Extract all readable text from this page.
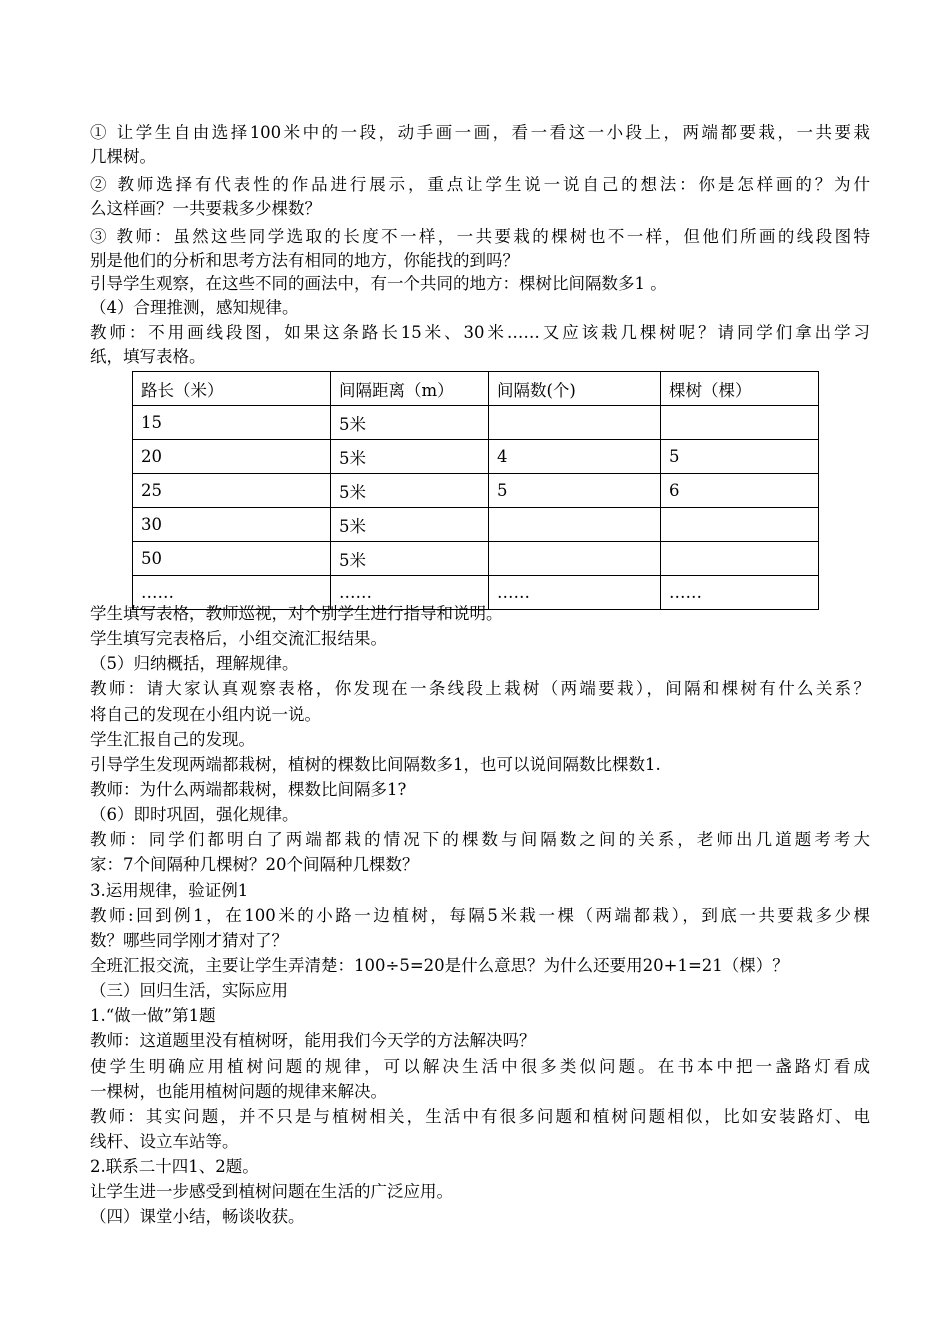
① 让学生自由选择100米中的一段，动手画一画，看一看这一小段上，两端都要栽，一共要栽
几棵树。
② 教师选择有代表性的作品进行展示，重点让学生说一说自己的想法：你是怎样画的？为什
么这样画？一共要栽多少棵数？
③ 教师：虽然这些同学选取的长度不一样，一共要栽的棵树也不一样，但他们所画的线段图特
别是他们的分析和思考方法有相同的地方，你能找的到吗？
引导学生观察，在这些不同的画法中，有一个共同的地方：棵树比间隔数多1 。
（4）合理推测，感知规律。
教师：不用画线段图，如果这条路长15米、30米……又应该栽几棵树呢？请同学们拿出学习
纸，填写表格。
路长（米）	间隔距离（m）	间隔数(个)	棵树（棵）
15	5米		
20	5米	4	5
25	5米	5	6
30	5米		
50	5米		
……	……	……	……
学生填写表格，教师巡视，对个别学生进行指导和说明。
学生填写完表格后，小组交流汇报结果。
（5）归纳概括，理解规律。
教师：请大家认真观察表格，你发现在一条线段上栽树（两端要栽），间隔和棵树有什么关系？
将自己的发现在小组内说一说。
学生汇报自己的发现。
引导学生发现两端都栽树，植树的棵数比间隔数多1，也可以说间隔数比棵数1.
教师：为什么两端都栽树，棵数比间隔多1?
（6）即时巩固，强化规律。
教师：同学们都明白了两端都栽的情况下的棵数与间隔数之间的关系，老师出几道题考考大
家：7个间隔种几棵树？20个间隔种几棵数？
3.运用规律，验证例1
教师:回到例1，在100米的小路一边植树，每隔5米栽一棵（两端都栽），到底一共要栽多少棵
数？哪些同学刚才猜对了？
全班汇报交流，主要让学生弄清楚：100÷5=20是什么意思？为什么还要用20+1=21（棵）？
（三）回归生活，实际应用
1.“做一做”第1题
教师：这道题里没有植树呀，能用我们今天学的方法解决吗？
使学生明确应用植树问题的规律，可以解决生活中很多类似问题。在书本中把一盏路灯看成
一棵树，也能用植树问题的规律来解决。
教师：其实问题，并不只是与植树相关，生活中有很多问题和植树问题相似，比如安装路灯、电
线杆、设立车站等。
2.联系二十四1、2题。
让学生进一步感受到植树问题在生活的广泛应用。
（四）课堂小结，畅谈收获。
